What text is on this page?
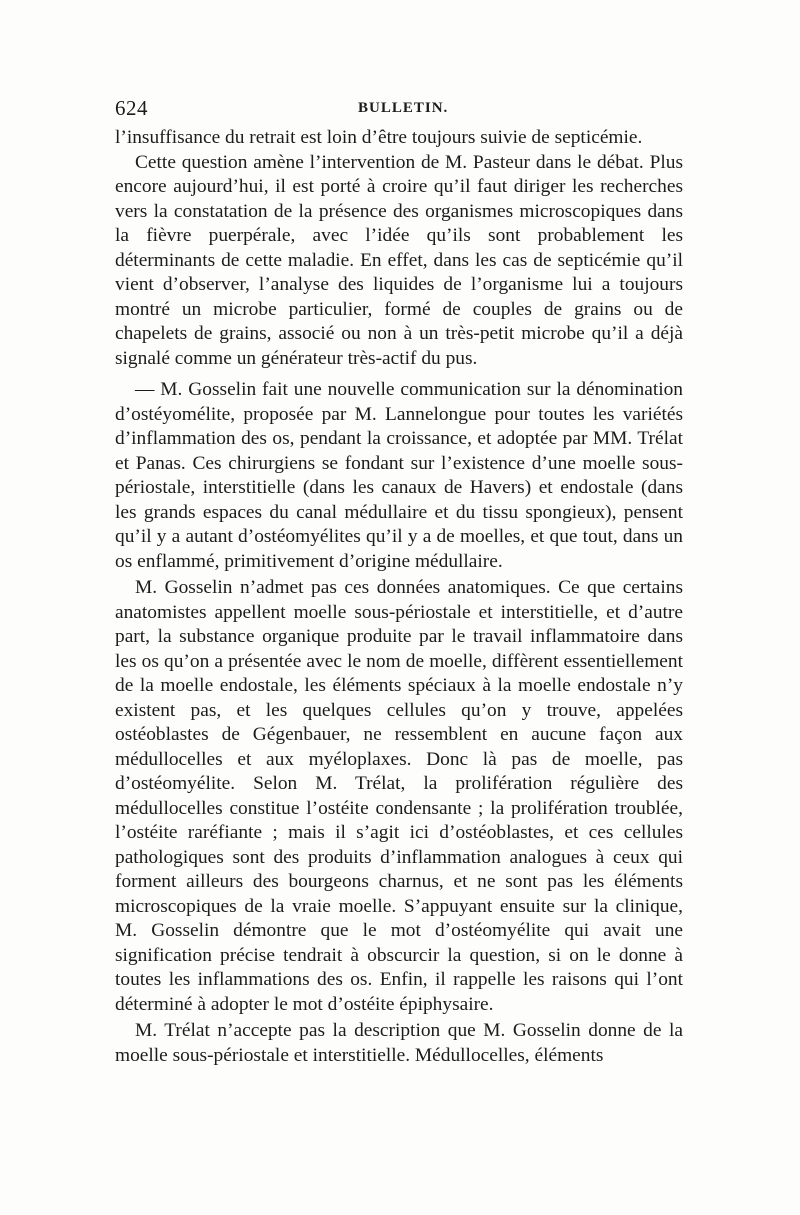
624	BULLETIN.

l’insuffisance du retrait est loin d’être toujours suivie de septicémie.

Cette question amène l’intervention de M. Pasteur dans le débat. Plus encore aujourd’hui, il est porté à croire qu’il faut diriger les recherches vers la constatation de la présence des organismes microscopiques dans la fièvre puerpérale, avec l’idée qu’ils sont probablement les déterminants de cette maladie. En effet, dans les cas de septicémie qu’il vient d’observer, l’analyse des liquides de l’organisme lui a toujours montré un microbe particulier, formé de couples de grains ou de chapelets de grains, associé ou non à un très-petit microbe qu’il a déjà signalé comme un générateur très-actif du pus.

— M. Gosselin fait une nouvelle communication sur la dénomination d’ostéyomélite, proposée par M. Lannelongue pour toutes les variétés d’inflammation des os, pendant la croissance, et adoptée par MM. Trélat et Panas. Ces chirurgiens se fondant sur l’existence d’une moelle sous-périostale, interstitielle (dans les canaux de Havers) et endostale (dans les grands espaces du canal médullaire et du tissu spongieux), pensent qu’il y a autant d’ostéomyélites qu’il y a de moelles, et que tout, dans un os enflammé, primitivement d’origine médullaire.

M. Gosselin n’admet pas ces données anatomiques. Ce que certains anatomistes appellent moelle sous-périostale et interstitielle, et d’autre part, la substance organique produite par le travail inflammatoire dans les os qu’on a présentée avec le nom de moelle, diffèrent essentiellement de la moelle endostale, les éléments spéciaux à la moelle endostale n’y existent pas, et les quelques cellules qu’on y trouve, appelées ostéoblastes de Gégenbauer, ne ressemblent en aucune façon aux médullocelles et aux myéloplaxes. Donc là pas de moelle, pas d’ostéomyélite. Selon M. Trélat, la prolifération régulière des médullocelles constitue l’ostéite condensante ; la prolifération troublée, l’ostéite raréfiante ; mais il s’agit ici d’ostéoblastes, et ces cellules pathologiques sont des produits d’inflammation analogues à ceux qui forment ailleurs des bourgeons charnus, et ne sont pas les éléments microscopiques de la vraie moelle. S’appuyant ensuite sur la clinique, M. Gosselin démontre que le mot d’ostéomyélite qui avait une signification précise tendrait à obscurcir la question, si on le donne à toutes les inflammations des os. Enfin, il rappelle les raisons qui l’ont déterminé à adopter le mot d’ostéite épiphysaire.

M. Trélat n’accepte pas la description que M. Gosselin donne de la moelle sous-périostale et interstitielle. Médullocelles, éléments
